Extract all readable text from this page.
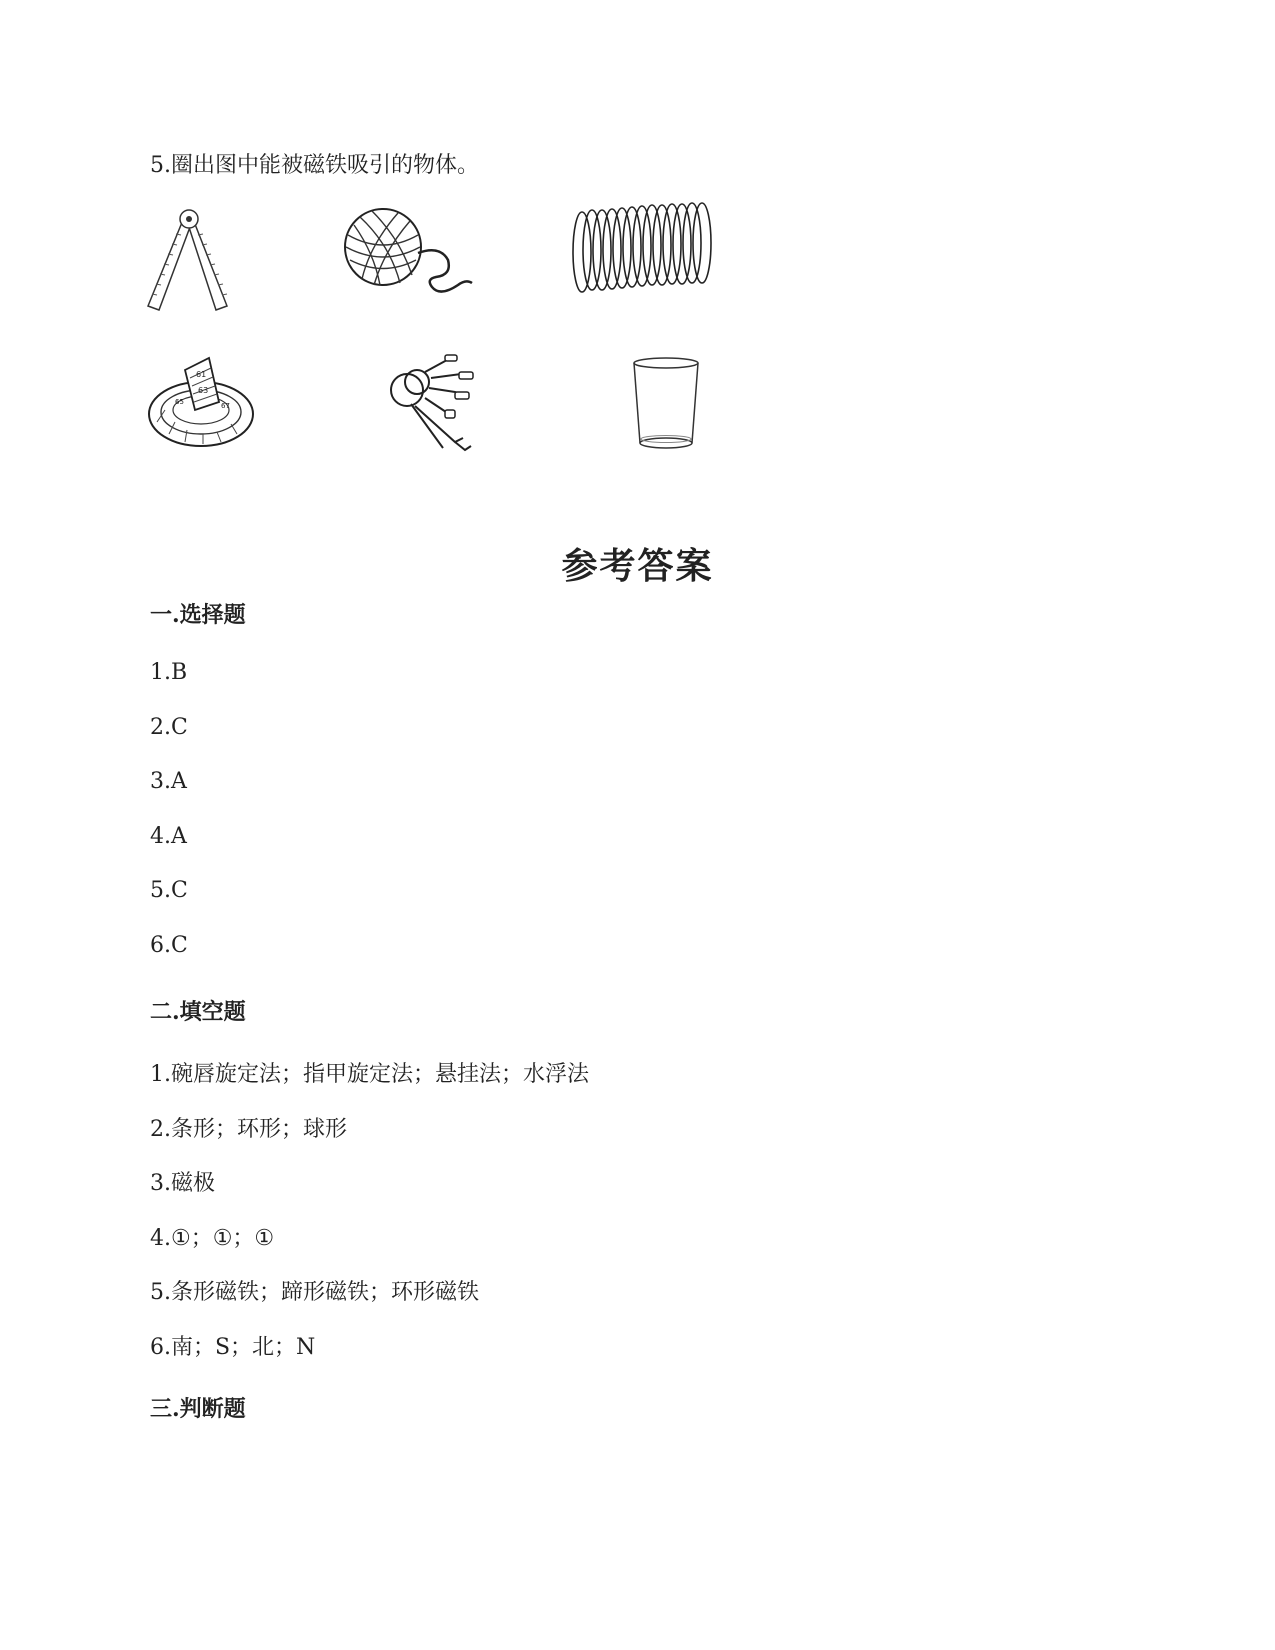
5.圈出图中能被磁铁吸引的物体。
61
63
65	67
参考答案
一.选择题
1.B
2.C
3.A
4.A
5.C
6.C
二.填空题
1.碗唇旋定法；指甲旋定法；悬挂法；水浮法
2.条形；环形；球形
3.磁极
4.①；①；①
5.条形磁铁；蹄形磁铁；环形磁铁
6.南；S；北；N
三.判断题
